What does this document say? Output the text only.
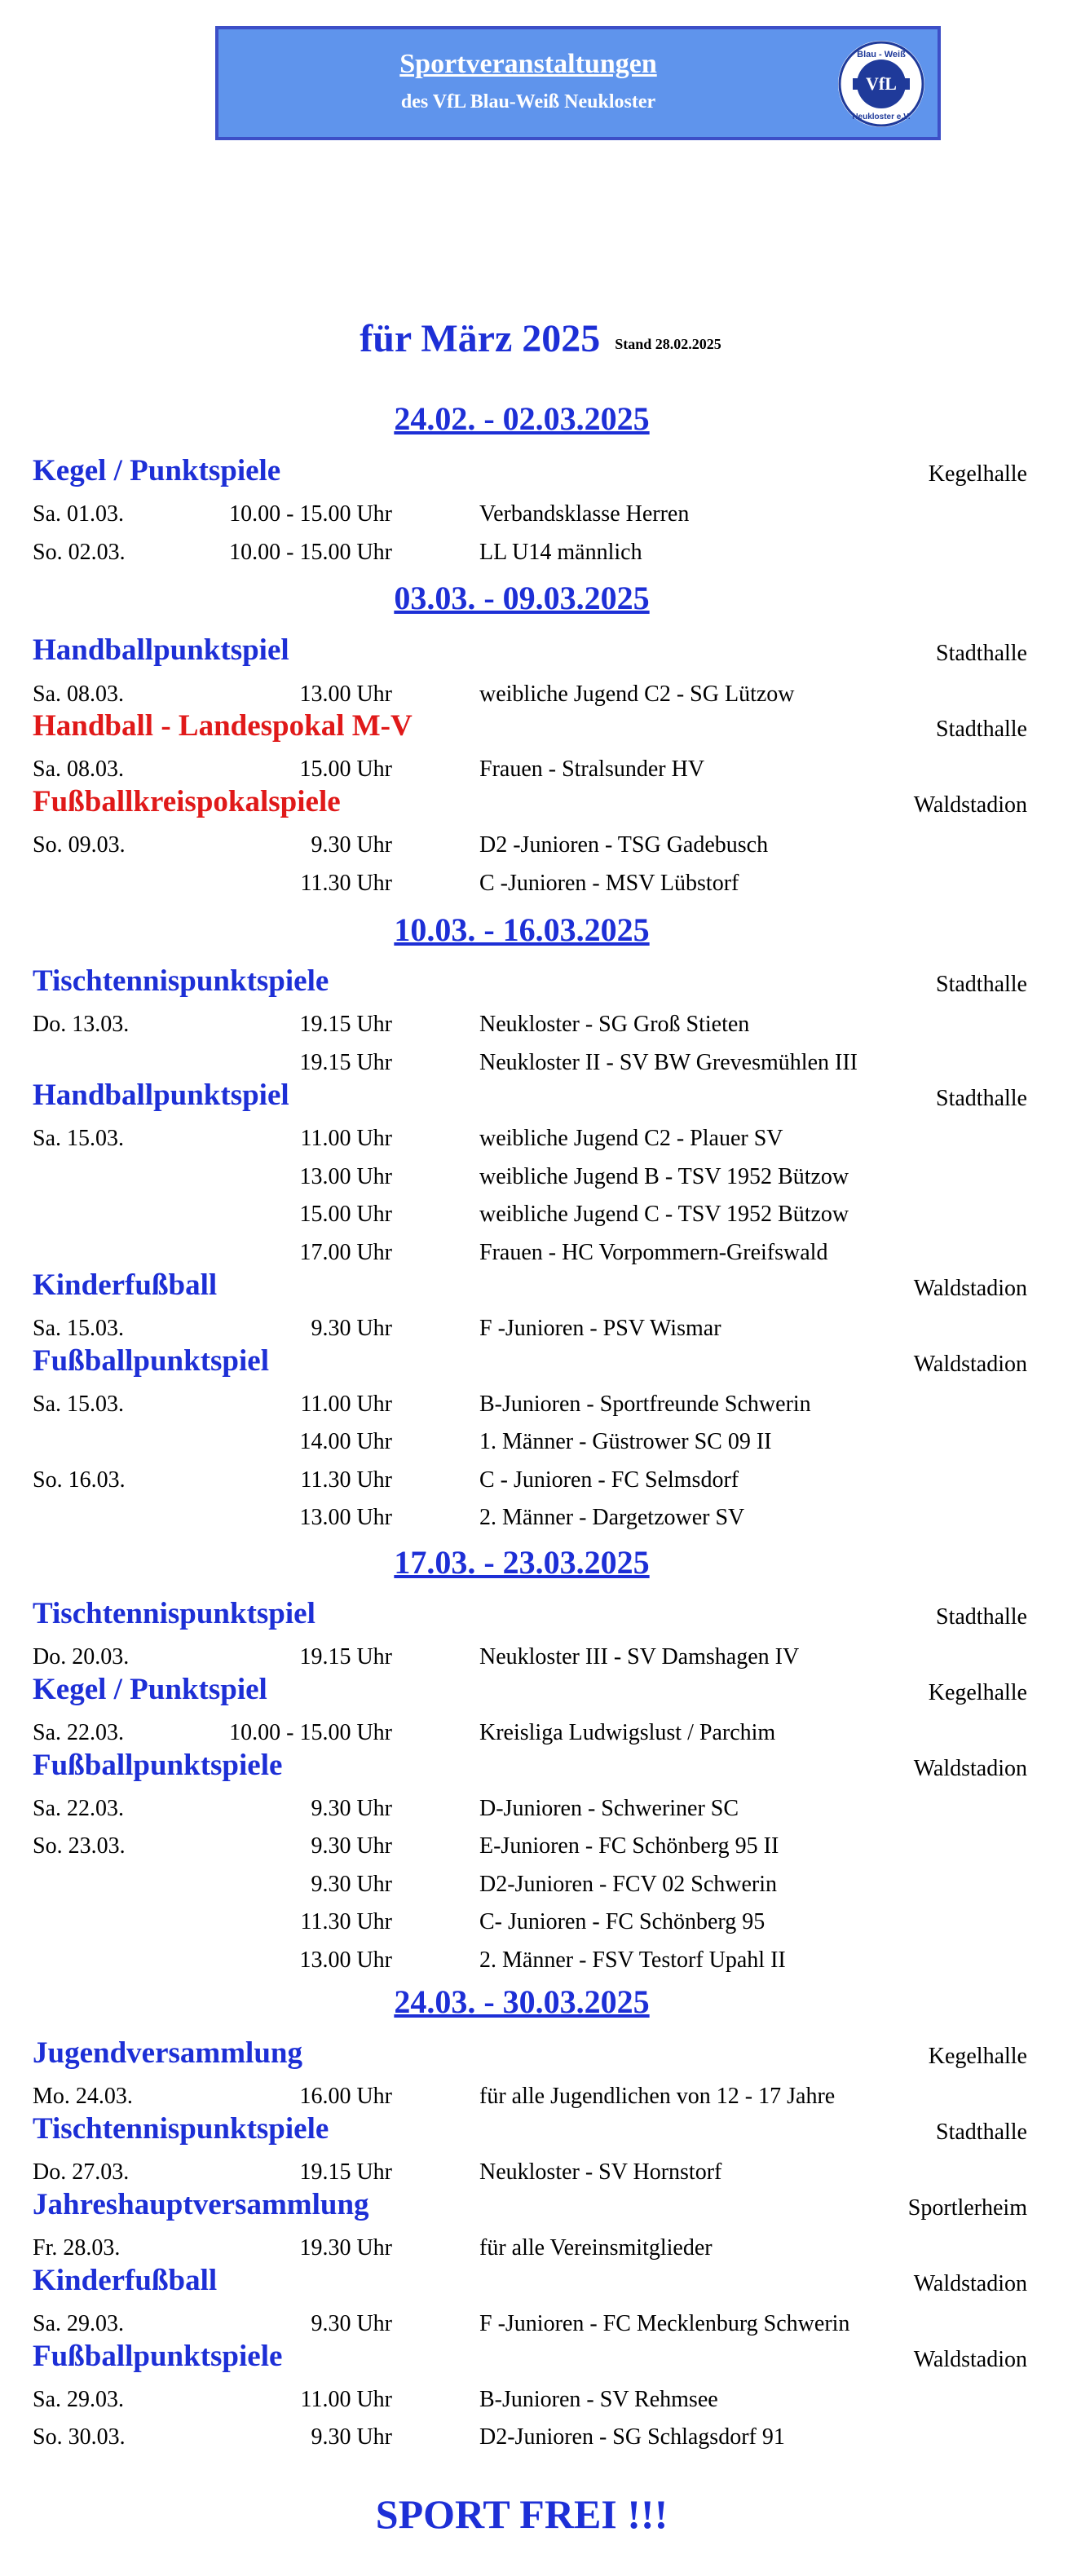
Sportveranstaltungen
des VfL Blau-Weiß Neukloster
VfL
Blau - Weiß
Neukloster e.V.
für März 2025 Stand 28.02.2025
24.02. - 02.03.2025
03.03. - 09.03.2025
10.03. - 16.03.2025
17.03. - 23.03.2025
24.03. - 30.03.2025
Kegel / Punktspiele	Kegelhalle
Sa. 01.03.	10.00 - 15.00 Uhr	Verbandsklasse Herren
So. 02.03.	10.00 - 15.00 Uhr	LL U14 männlich
Handballpunktspiel	Stadthalle
Sa. 08.03.	13.00 Uhr	weibliche Jugend C2 - SG Lützow
Handball - Landespokal M-V	Stadthalle
Sa. 08.03.	15.00 Uhr	Frauen - Stralsunder HV
Fußballkreispokalspiele	Waldstadion
So. 09.03.	9.30 Uhr	D2 -Junioren - TSG Gadebusch
11.30 Uhr	C -Junioren - MSV Lübstorf
Tischtennispunktspiele	Stadthalle
Do. 13.03.	19.15 Uhr	Neukloster - SG Groß Stieten
19.15 Uhr	Neukloster II - SV BW Grevesmühlen III
Handballpunktspiel	Stadthalle
Sa. 15.03.	11.00 Uhr	weibliche Jugend C2 - Plauer SV
13.00 Uhr	weibliche Jugend B - TSV 1952 Bützow
15.00 Uhr	weibliche Jugend C - TSV 1952 Bützow
17.00 Uhr	Frauen - HC Vorpommern-Greifswald
Kinderfußball	Waldstadion
Sa. 15.03.	9.30 Uhr	F -Junioren - PSV Wismar
Fußballpunktspiel	Waldstadion
Sa. 15.03.	11.00 Uhr	B-Junioren - Sportfreunde Schwerin
14.00 Uhr	1. Männer - Güstrower SC 09 II
So. 16.03.	11.30 Uhr	C - Junioren - FC Selmsdorf
13.00 Uhr	2. Männer - Dargetzower SV
Tischtennispunktspiel	Stadthalle
Do. 20.03.	19.15 Uhr	Neukloster III - SV Damshagen IV
Kegel / Punktspiel	Kegelhalle
Sa. 22.03.	10.00 - 15.00 Uhr	Kreisliga Ludwigslust / Parchim
Fußballpunktspiele	Waldstadion
Sa. 22.03.	9.30 Uhr	D-Junioren - Schweriner SC
So. 23.03.	9.30 Uhr	E-Junioren - FC Schönberg 95 II
9.30 Uhr	D2-Junioren - FCV 02 Schwerin
11.30 Uhr	C- Junioren - FC Schönberg 95
13.00 Uhr	2. Männer - FSV Testorf Upahl II
Jugendversammlung	Kegelhalle
Mo. 24.03.	16.00 Uhr	für alle Jugendlichen von 12 - 17 Jahre
Tischtennispunktspiele	Stadthalle
Do. 27.03.	19.15 Uhr	Neukloster - SV Hornstorf
Jahreshauptversammlung	Sportlerheim
Fr. 28.03.	19.30 Uhr	für alle Vereinsmitglieder
Kinderfußball	Waldstadion
Sa. 29.03.	9.30 Uhr	F -Junioren - FC Mecklenburg Schwerin
Fußballpunktspiele	Waldstadion
Sa. 29.03.	11.00 Uhr	B-Junioren - SV Rehmsee
So. 30.03.	9.30 Uhr	D2-Junioren - SG Schlagsdorf 91
SPORT FREI !!!
